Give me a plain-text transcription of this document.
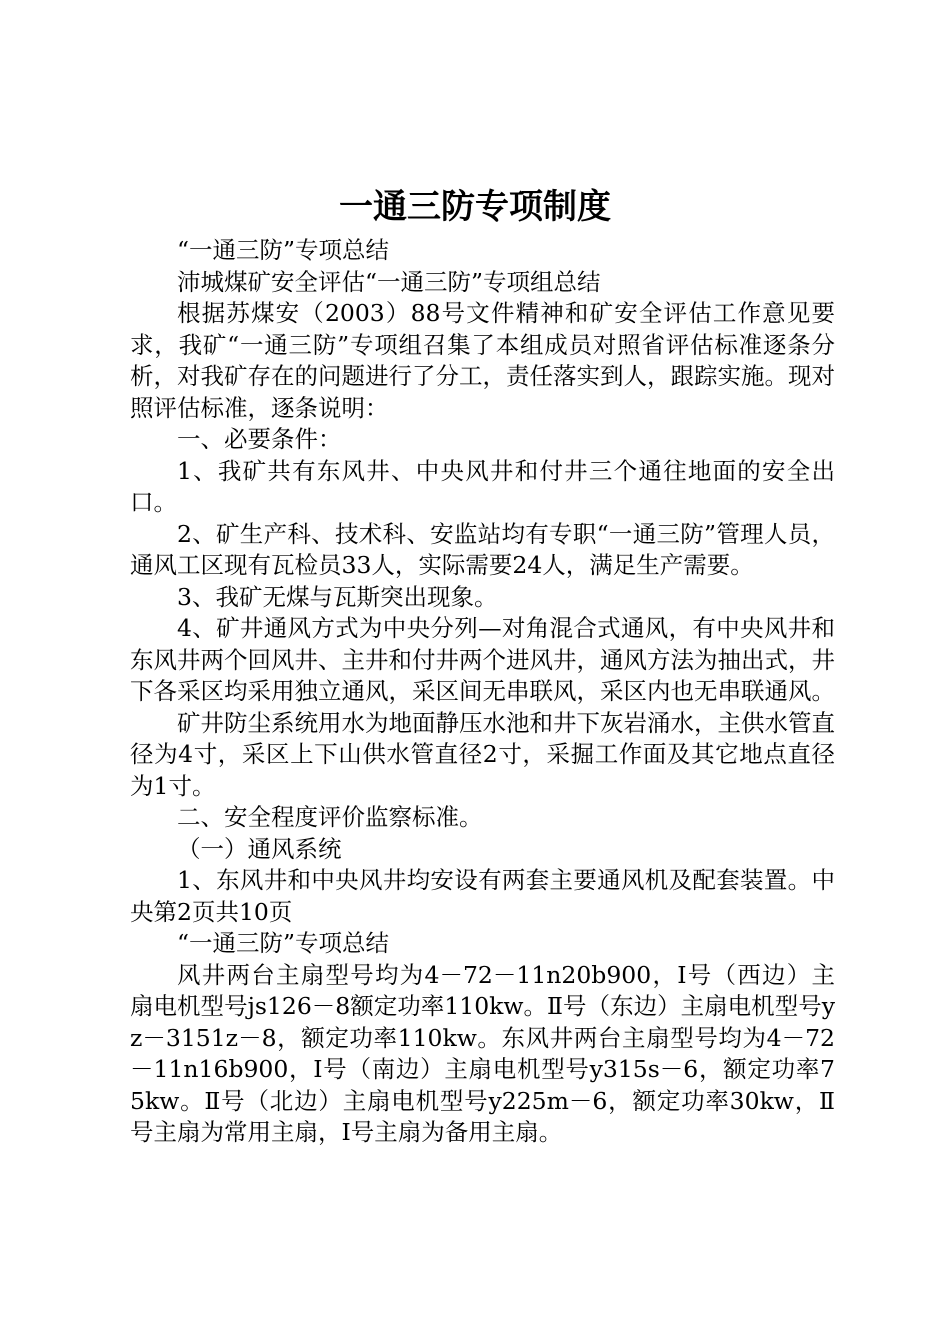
一通三防专项制度

“一通三防”专项总结

沛城煤矿安全评估“一通三防”专项组总结

根据苏煤安（2003）88号文件精神和矿安全评估工作意见要求，我矿“一通三防”专项组召集了本组成员对照省评估标准逐条分析，对我矿存在的问题进行了分工，责任落实到人，跟踪实施。现对照评估标准，逐条说明：

一、必要条件：

1、我矿共有东风井、中央风井和付井三个通往地面的安全出口。

2、矿生产科、技术科、安监站均有专职“一通三防”管理人员，通风工区现有瓦检员33人，实际需要24人，满足生产需要。

3、我矿无煤与瓦斯突出现象。

4、矿井通风方式为中央分列—对角混合式通风，有中央风井和东风井两个回风井、主井和付井两个进风井，通风方法为抽出式，井下各采区均采用独立通风，采区间无串联风，采区内也无串联通风。

矿井防尘系统用水为地面静压水池和井下灰岩涌水，主供水管直径为4寸，采区上下山供水管直径2寸，采掘工作面及其它地点直径为1寸。

二、安全程度评价监察标准。

（一）通风系统

1、东风井和中央风井均安设有两套主要通风机及配套装置。中央第2页共10页

“一通三防”专项总结

风井两台主扇型号均为4－72－11n20b900，Ⅰ号（西边）主扇电机型号js126－8额定功率110kw。Ⅱ号（东边）主扇电机型号yz－3151z－8，额定功率110kw。东风井两台主扇型号均为4－72－11n16b900，Ⅰ号（南边）主扇电机型号y315s－6，额定功率75kw。Ⅱ号（北边）主扇电机型号y225m－6，额定功率30kw，Ⅱ号主扇为常用主扇，Ⅰ号主扇为备用主扇。
